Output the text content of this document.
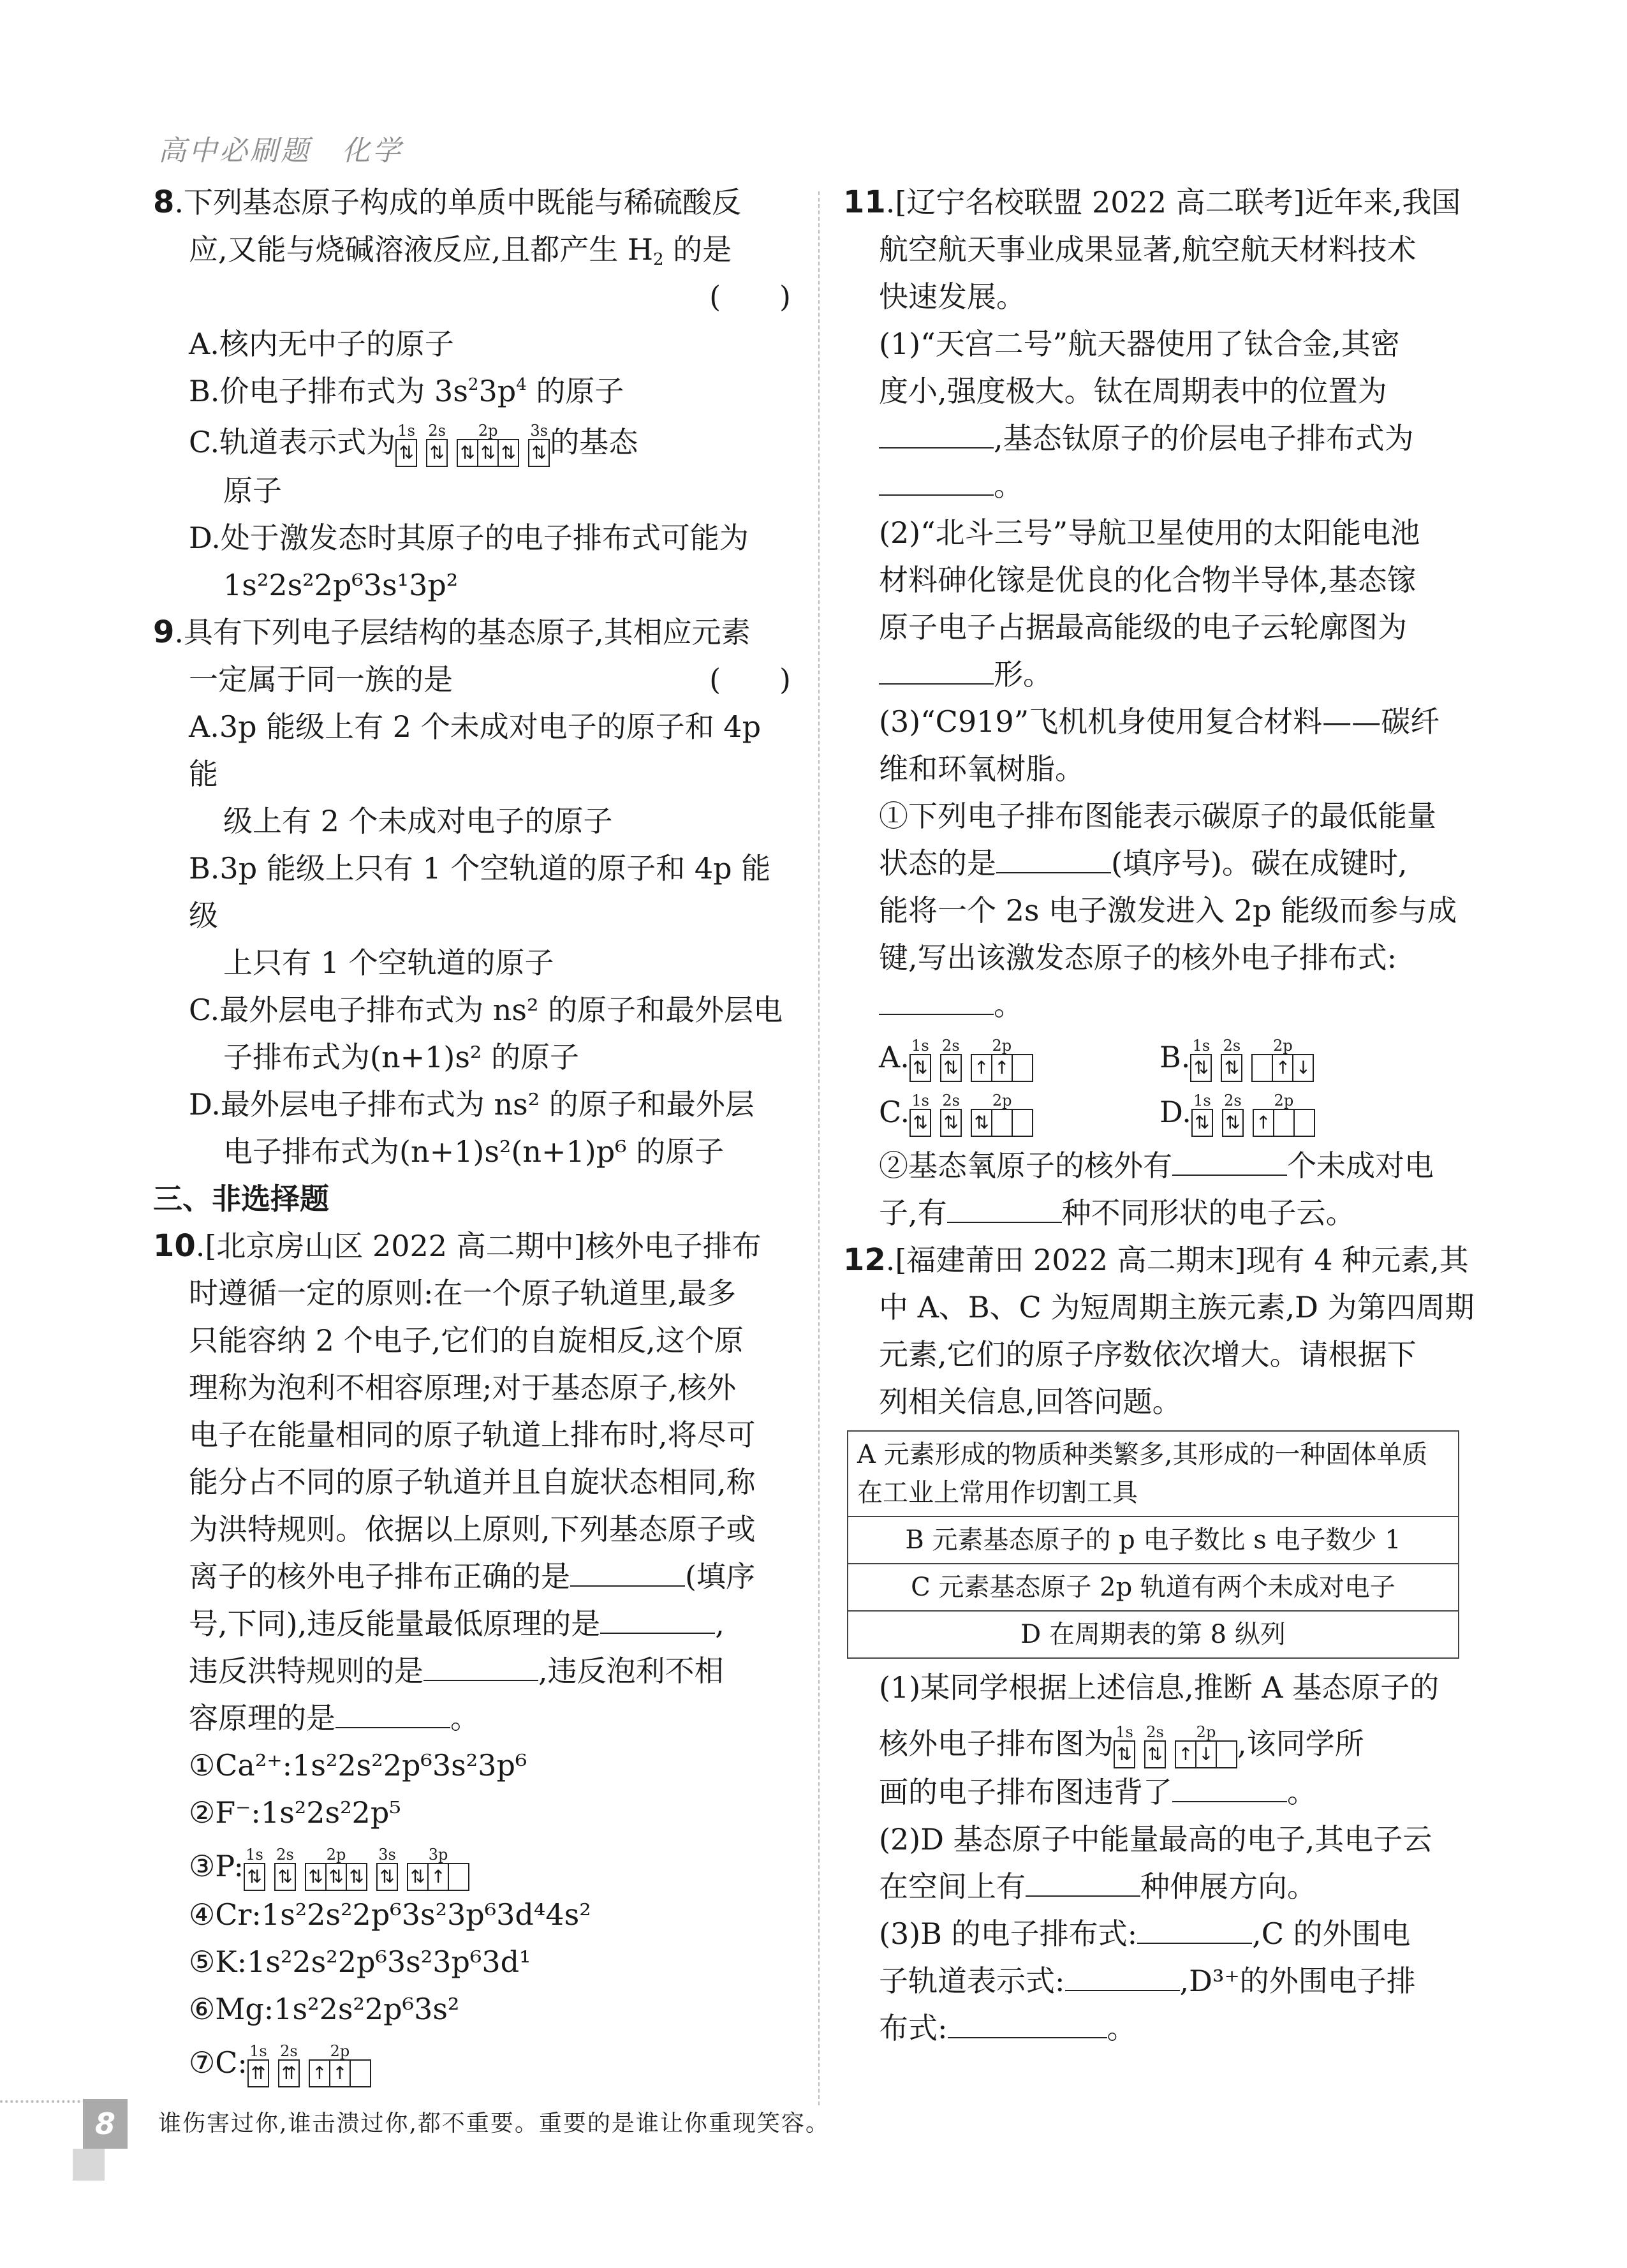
高中必刷题　化学

8.下列基态原子构成的单质中既能与稀硫酸反

应,又能与烧碱溶液反应,且都产生 $H_2$ 的是

(　　)

A.核内无中子的原子

B.价电子排布式为 $3s^23p^4$ 的原子

C.轨道表示式为 1s
⇅
2s
⇅
2p
⇅ ⇅ ⇅
3s
⇅ 的基态

原子

D.处于激发态时其原子的电子排布式可能为

1s²2s²2p⁶3s¹3p²

9.具有下列电子层结构的基态原子,其相应元素

一定属于同一族的是	(　　)

A.3p 能级上有 2 个未成对电子的原子和 4p 能

级上有 2 个未成对电子的原子

B.3p 能级上只有 1 个空轨道的原子和 4p 能级

上只有 1 个空轨道的原子

C.最外层电子排布式为 ns² 的原子和最外层电

子排布式为(n+1)s² 的原子

D.最外层电子排布式为 ns² 的原子和最外层

电子排布式为(n+1)s²(n+1)p⁶ 的原子

三、非选择题

10.[北京房山区 2022 高二期中]核外电子排布

时遵循一定的原则:在一个原子轨道里,最多

只能容纳 2 个电子,它们的自旋相反,这个原

理称为泡利不相容原理;对于基态原子,核外

电子在能量相同的原子轨道上排布时,将尽可

能分占不同的原子轨道并且自旋状态相同,称

为洪特规则。依据以上原则,下列基态原子或

离子的核外电子排布正确的是	(填序

号,下同),违反能量最低原理的是	,

违反洪特规则的是	,违反泡利不相

容原理的是	。

①Ca²⁺:1s²2s²2p⁶3s²3p⁶

②F⁻:1s²2s²2p⁵

③P: 1s
⇅
2s
⇅
2p
⇅ ⇅ ⇅
3s
⇅
3p
⇅ ↑

④Cr:1s²2s²2p⁶3s²3p⁶3d⁴4s²

⑤K:1s²2s²2p⁶3s²3p⁶3d¹

⑥Mg:1s²2s²2p⁶3s²

⑦C: 1s
⇈
2s
⇈
2p
↑ ↑

11.[辽宁名校联盟 2022 高二联考]近年来,我国

航空航天事业成果显著,航空航天材料技术

快速发展。

(1)“天宫二号”航天器使用了钛合金,其密

度小,强度极大。钛在周期表中的位置为

,基态钛原子的价层电子排布式为

。

(2)“北斗三号”导航卫星使用的太阳能电池

材料砷化镓是优良的化合物半导体,基态镓

原子电子占据最高能级的电子云轮廓图为

形。

(3)“C919”飞机机身使用复合材料——碳纤

维和环氧树脂。

①下列电子排布图能表示碳原子的最低能量

状态的是	(填序号)。碳在成键时,

能将一个 2s 电子激发进入 2p 能级而参与成

键,写出该激发态原子的核外电子排布式:

。

A. 1s
⇅
2s
⇅
2p
↑ ↑	B. 1s
⇅
2s
⇅
2p
↑ ↓
C. 1s
⇅
2s
⇅
2p
⇅	D. 1s
⇅
2s
⇅
2p
↑

②基态氧原子的核外有	个未成对电

子,有	种不同形状的电子云。

12.[福建莆田 2022 高二期末]现有 4 种元素,其

中 A、B、C 为短周期主族元素,D 为第四周期

元素,它们的原子序数依次增大。请根据下

列相关信息,回答问题。

A 元素形成的物质种类繁多,其形成的一种固体单质在工业上常用作切割工具
B 元素基态原子的 p 电子数比 s 电子数少 1
C 元素基态原子 2p 轨道有两个未成对电子
D 在周期表的第 8 纵列

(1)某同学根据上述信息,推断 A 基态原子的

核外电子排布图为 1s
⇅
2s
⇅
2p
↑ ↓ ,该同学所

画的电子排布图违背了	。

(2)D 基态原子中能量最高的电子,其电子云

在空间上有	种伸展方向。

(3)B 的电子排布式:	,C 的外围电

子轨道表示式:	,D³⁺的外围电子排

布式:	。

8	谁伤害过你,谁击溃过你,都不重要。重要的是谁让你重现笑容。
